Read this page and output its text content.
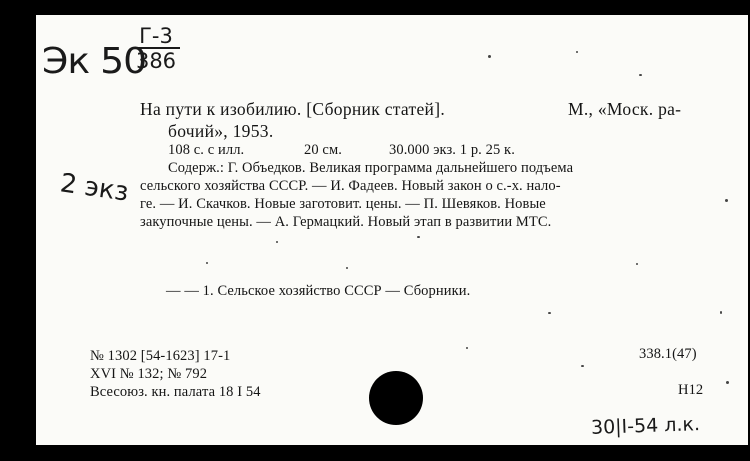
Эк 50
Г-3
386
На пути к изобилию. [Сборник статей].	М., «Моск. ра-
бочий», 1953.
108 с. с илл.	20 см.	30.000 экз. 1 р. 25 к.
Содерж.: Г. Объедков. Великая программа дальнейшего подъема
сельского хозяйства СССР. — И. Фадеев. Новый закон о с.-х. нало-
ге. — И. Скачков. Новые заготовит. цены. — П. Шевяков. Новые
закупочные цены. — А. Гермацкий. Новый этап в развитии МТС.
— — 1. Сельское хозяйство СССР — Сборники.
№ 1302 [54-1623] 17-1
XVI № 132; № 792
Всесоюз. кн. палата 18 I 54
338.1(47)
Н12
2 экз
30|I-54 л.к.
